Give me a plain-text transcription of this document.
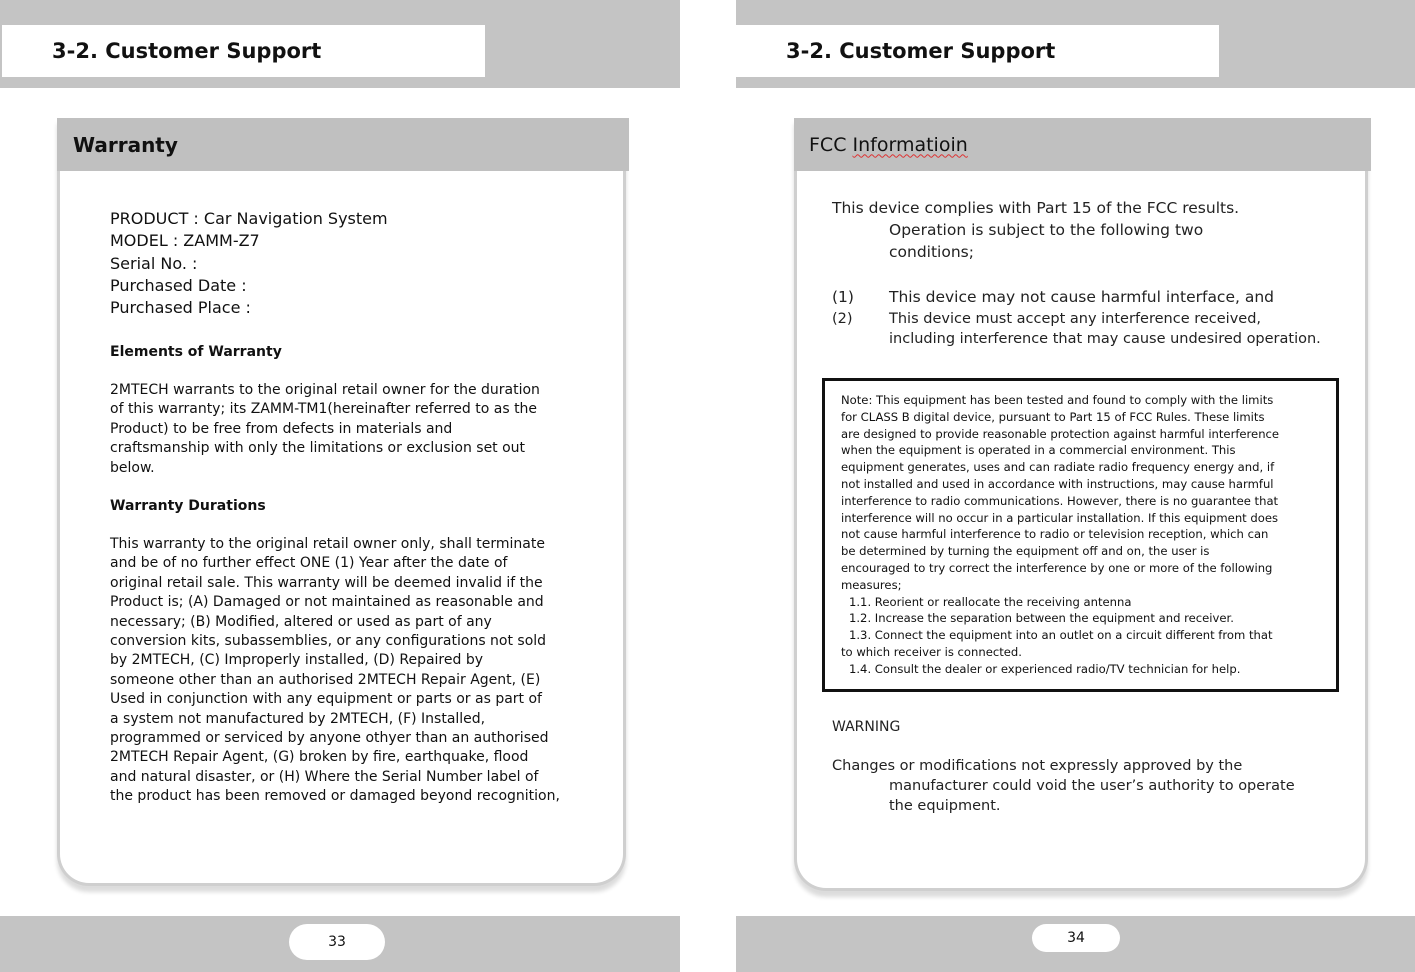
3-2. Customer Support
Warranty
PRODUCT : Car Navigation System
MODEL : ZAMM-Z7
Serial No. :
Purchased Date :
Purchased Place :
Elements of Warranty
2MTECH warrants to the original retail owner for the duration
of this warranty; its ZAMM-TM1(hereinafter referred to as the
Product) to be free from defects in materials and
craftsmanship with only the limitations or exclusion set out
below.
Warranty Durations
This warranty to the original retail owner only, shall terminate
and be of no further effect ONE (1) Year after the date of
original retail sale. This warranty will be deemed invalid if the
Product is; (A) Damaged or not maintained as reasonable and
necessary; (B) Modified, altered or used as part of any
conversion kits, subassemblies, or any configurations not sold
by 2MTECH, (C) Improperly installed, (D) Repaired by
someone other than an authorised 2MTECH Repair Agent, (E)
Used in conjunction with any equipment or parts or as part of
a system not manufactured by 2MTECH, (F) Installed,
programmed or serviced by anyone othyer than an authorised
2MTECH Repair Agent, (G) broken by fire, earthquake, flood
and natural disaster, or (H) Where the Serial Number label of
the product has been removed or damaged beyond recognition,
33
3-2. Customer Support
FCC Informatioin
This device complies with Part 15 of the FCC results.
Operation is subject to the following two
conditions;
(1) This device may not cause harmful interface, and
(2)	This device must accept any interference received,
including interference that may cause undesired operation.
Note: This equipment has been tested and found to comply with the limits
for CLASS B digital device, pursuant to Part 15 of FCC Rules. These limits
are designed to provide reasonable protection against harmful interference
when the equipment is operated in a commercial environment. This
equipment generates, uses and can radiate radio frequency energy and, if
not installed and used in accordance with instructions, may cause harmful
interference to radio communications. However, there is no guarantee that
interference will no occur in a particular installation. If this equipment does
not cause harmful interference to radio or television reception, which can
be determined by turning the equipment off and on, the user is
encouraged to try correct the interference by one or more of the following
measures;
1.1. Reorient or reallocate the receiving antenna
1.2. Increase the separation between the equipment and receiver.
1.3. Connect the equipment into an outlet on a circuit different from that
to which receiver is connected.
1.4. Consult the dealer or experienced radio/TV technician for help.
WARNING
Changes or modifications not expressly approved by the
manufacturer could void the user’s authority to operate
the equipment.
34
